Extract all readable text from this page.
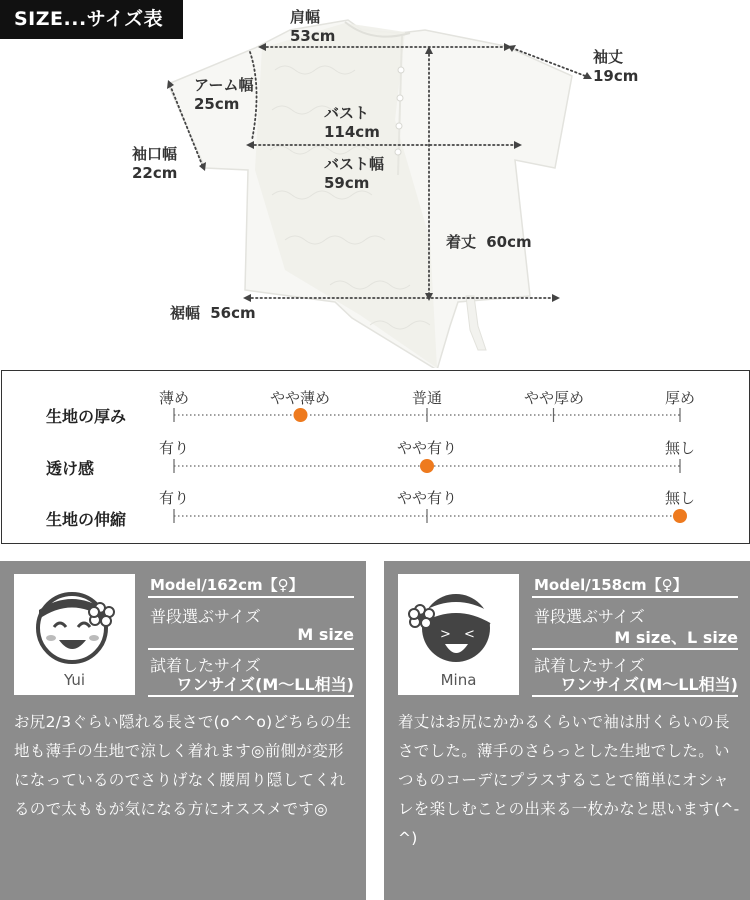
SIZE...サイズ表	肩幅
53cm
袖丈
19cm
アーム幅
25cm	バスト
114cm
袖口幅
22cm	バスト幅
59cm
着丈 60cm
裾幅 56cm
生地の厚み
薄め	やや薄め	普通	やや厚め	厚め
透け感
有り	やや有り	無し
生地の伸縮
有り	やや有り	無し
Yui
Model/162cm【♀】
普段選ぶサイズ
M size
試着したサイズ
ワンサイズ(M〜LL相当)
お尻2/3ぐらい隠れる長さで(o^^o)どちらの生地も薄手の生地で涼しく着れます◎前側が変形になっているのでさりげなく腰周り隠してくれるので太ももが気になる方にオススメです◎
> <
Mina
Model/158cm【♀】
普段選ぶサイズ
M size、L size
試着したサイズ
ワンサイズ(M〜LL相当)
着丈はお尻にかかるくらいで袖は肘くらいの長さでした。薄手のさらっとした生地でした。いつものコーデにプラスすることで簡単にオシャレを楽しむことの出来る一枚かなと思います(^-^)
